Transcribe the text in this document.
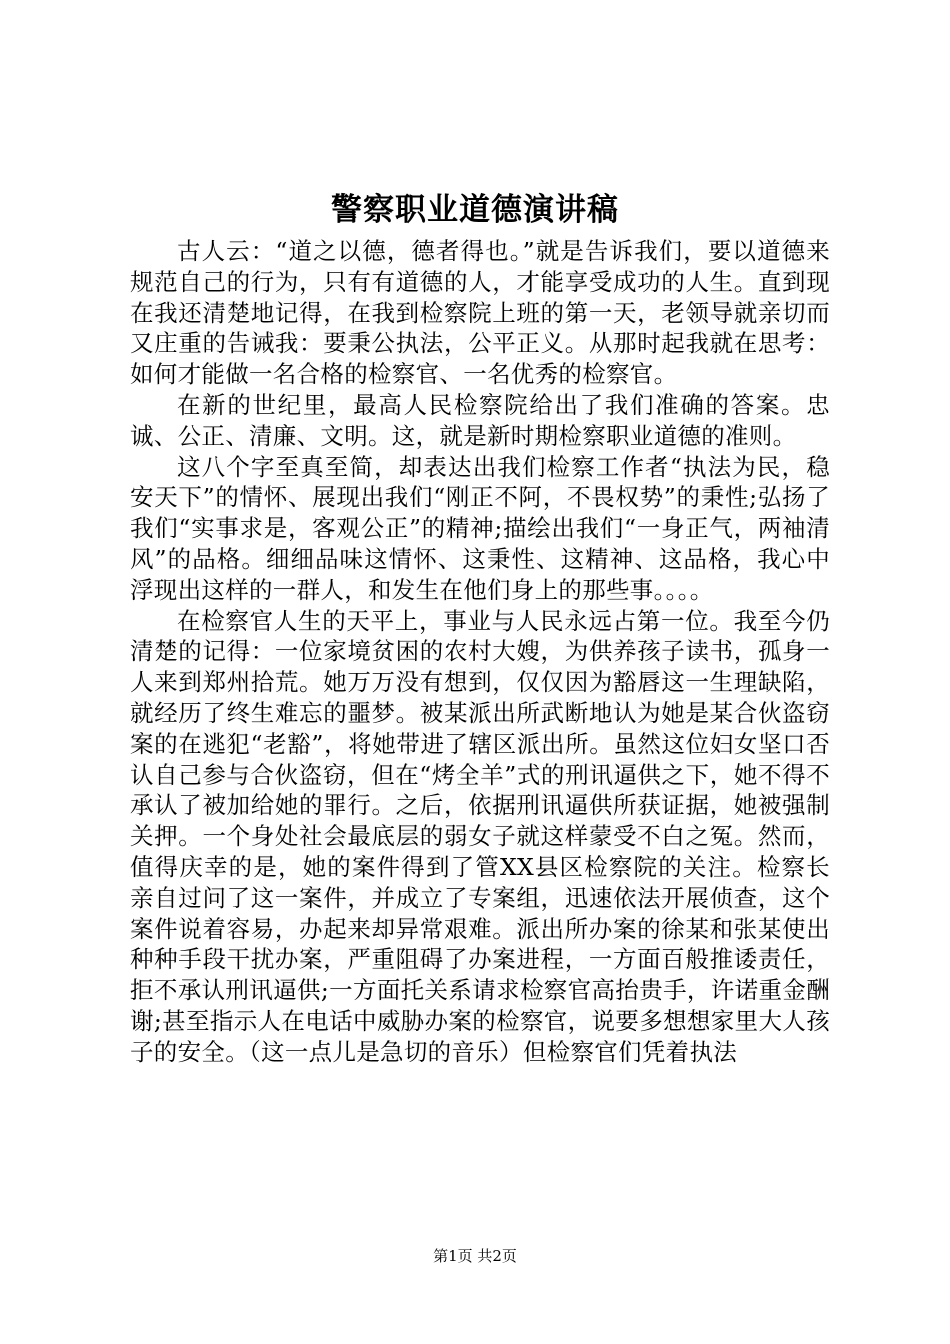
警察职业道德演讲稿

古人云：“道之以德，德者得也。”就是告诉我们，要以道德来规范自己的行为，只有有道德的人，才能享受成功的人生。直到现在我还清楚地记得，在我到检察院上班的第一天，老领导就亲切而又庄重的告诫我：要秉公执法，公平正义。从那时起我就在思考：如何才能做一名合格的检察官、一名优秀的检察官。

在新的世纪里，最高人民检察院给出了我们准确的答案。忠诚、公正、清廉、文明。这，就是新时期检察职业道德的准则。

这八个字至真至简，却表达出我们检察工作者“执法为民，稳安天下”的情怀、展现出我们“刚正不阿，不畏权势”的秉性;弘扬了我们“实事求是，客观公正”的精神;描绘出我们“一身正气，两袖清风”的品格。细细品味这情怀、这秉性、这精神、这品格，我心中浮现出这样的一群人，和发生在他们身上的那些事。。。。

在检察官人生的天平上，事业与人民永远占第一位。我至今仍清楚的记得：一位家境贫困的农村大嫂，为供养孩子读书，孤身一人来到郑州拾荒。她万万没有想到，仅仅因为豁唇这一生理缺陷，就经历了终生难忘的噩梦。被某派出所武断地认为她是某合伙盗窃案的在逃犯“老豁”，将她带进了辖区派出所。虽然这位妇女坚口否认自己参与合伙盗窃，但在“烤全羊”式的刑讯逼供之下，她不得不承认了被加给她的罪行。之后，依据刑讯逼供所获证据，她被强制关押。一个身处社会最底层的弱女子就这样蒙受不白之冤。然而，值得庆幸的是，她的案件得到了管XX县区检察院的关注。检察长亲自过问了这一案件，并成立了专案组，迅速依法开展侦查，这个案件说着容易，办起来却异常艰难。派出所办案的徐某和张某使出种种手段干扰办案，严重阻碍了办案进程，一方面百般推诿责任，拒不承认刑讯逼供;一方面托关系请求检察官高抬贵手，许诺重金酬谢;甚至指示人在电话中威胁办案的检察官，说要多想想家里大人孩子的安全。（这一点儿是急切的音乐）但检察官们凭着执法

第1页 共2页
